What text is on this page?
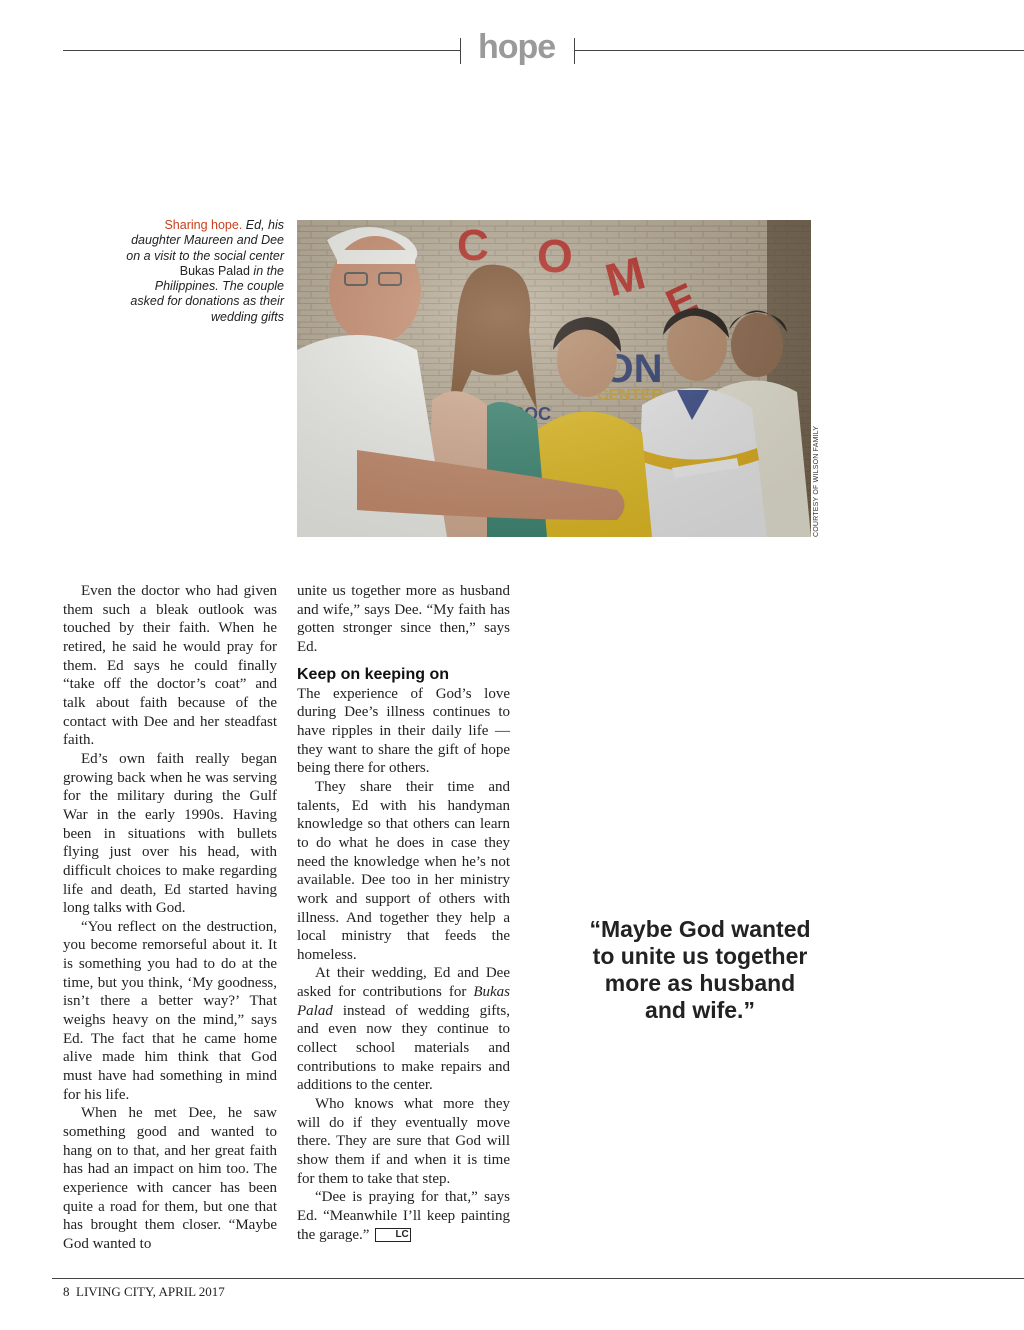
hope
Sharing hope. Ed, his daughter Maureen and Dee on a visit to the social center Bukas Palad in the Philippines. The couple asked for donations as their wedding gifts
COURTESY OF WILSON FAMILY

Even the doctor who had given them such a bleak outlook was touched by their faith. When he retired, he said he would pray for them. Ed says he could finally “take off the doctor’s coat” and talk about faith because of the contact with Dee and her steadfast faith.

Ed’s own faith really began growing back when he was serving for the military during the Gulf War in the early 1990s. Having been in situations with bullets flying just over his head, with difficult choices to make regarding life and death, Ed started having long talks with God.

“You reflect on the destruction, you become remorseful about it. It is something you had to do at the time, but you think, ‘My goodness, isn’t there a better way?’ That weighs heavy on the mind,” says Ed. The fact that he came home alive made him think that God must have had something in mind for his life.

When he met Dee, he saw something good and wanted to hang on to that, and her great faith has had an impact on him too. The experience with cancer has been quite a road for them, but one that has brought them closer. “Maybe God wanted to

unite us together more as husband and wife,” says Dee. “My faith has gotten stronger since then,” says Ed.

Keep on keeping on

The experience of God’s love during Dee’s illness continues to have ripples in their daily life — they want to share the gift of hope being there for others.

They share their time and talents, Ed with his handyman knowledge so that others can learn to do what he does in case they need the knowledge when he’s not available. Dee too in her ministry work and support of others with illness. And together they help a local ministry that feeds the homeless.

At their wedding, Ed and Dee asked for contributions for Bukas Palad instead of wedding gifts, and even now they continue to collect school materials and contributions to make repairs and additions to the center.

Who knows what more they will do if they eventually move there. They are sure that God will show them if and when it is time for them to take that step.

“Dee is praying for that,” says Ed. “Meanwhile I’ll keep painting the garage.”	LC

“Maybe God wanted to unite us together more as husband and wife.”
8 LIVING CITY, APRIL 2017
